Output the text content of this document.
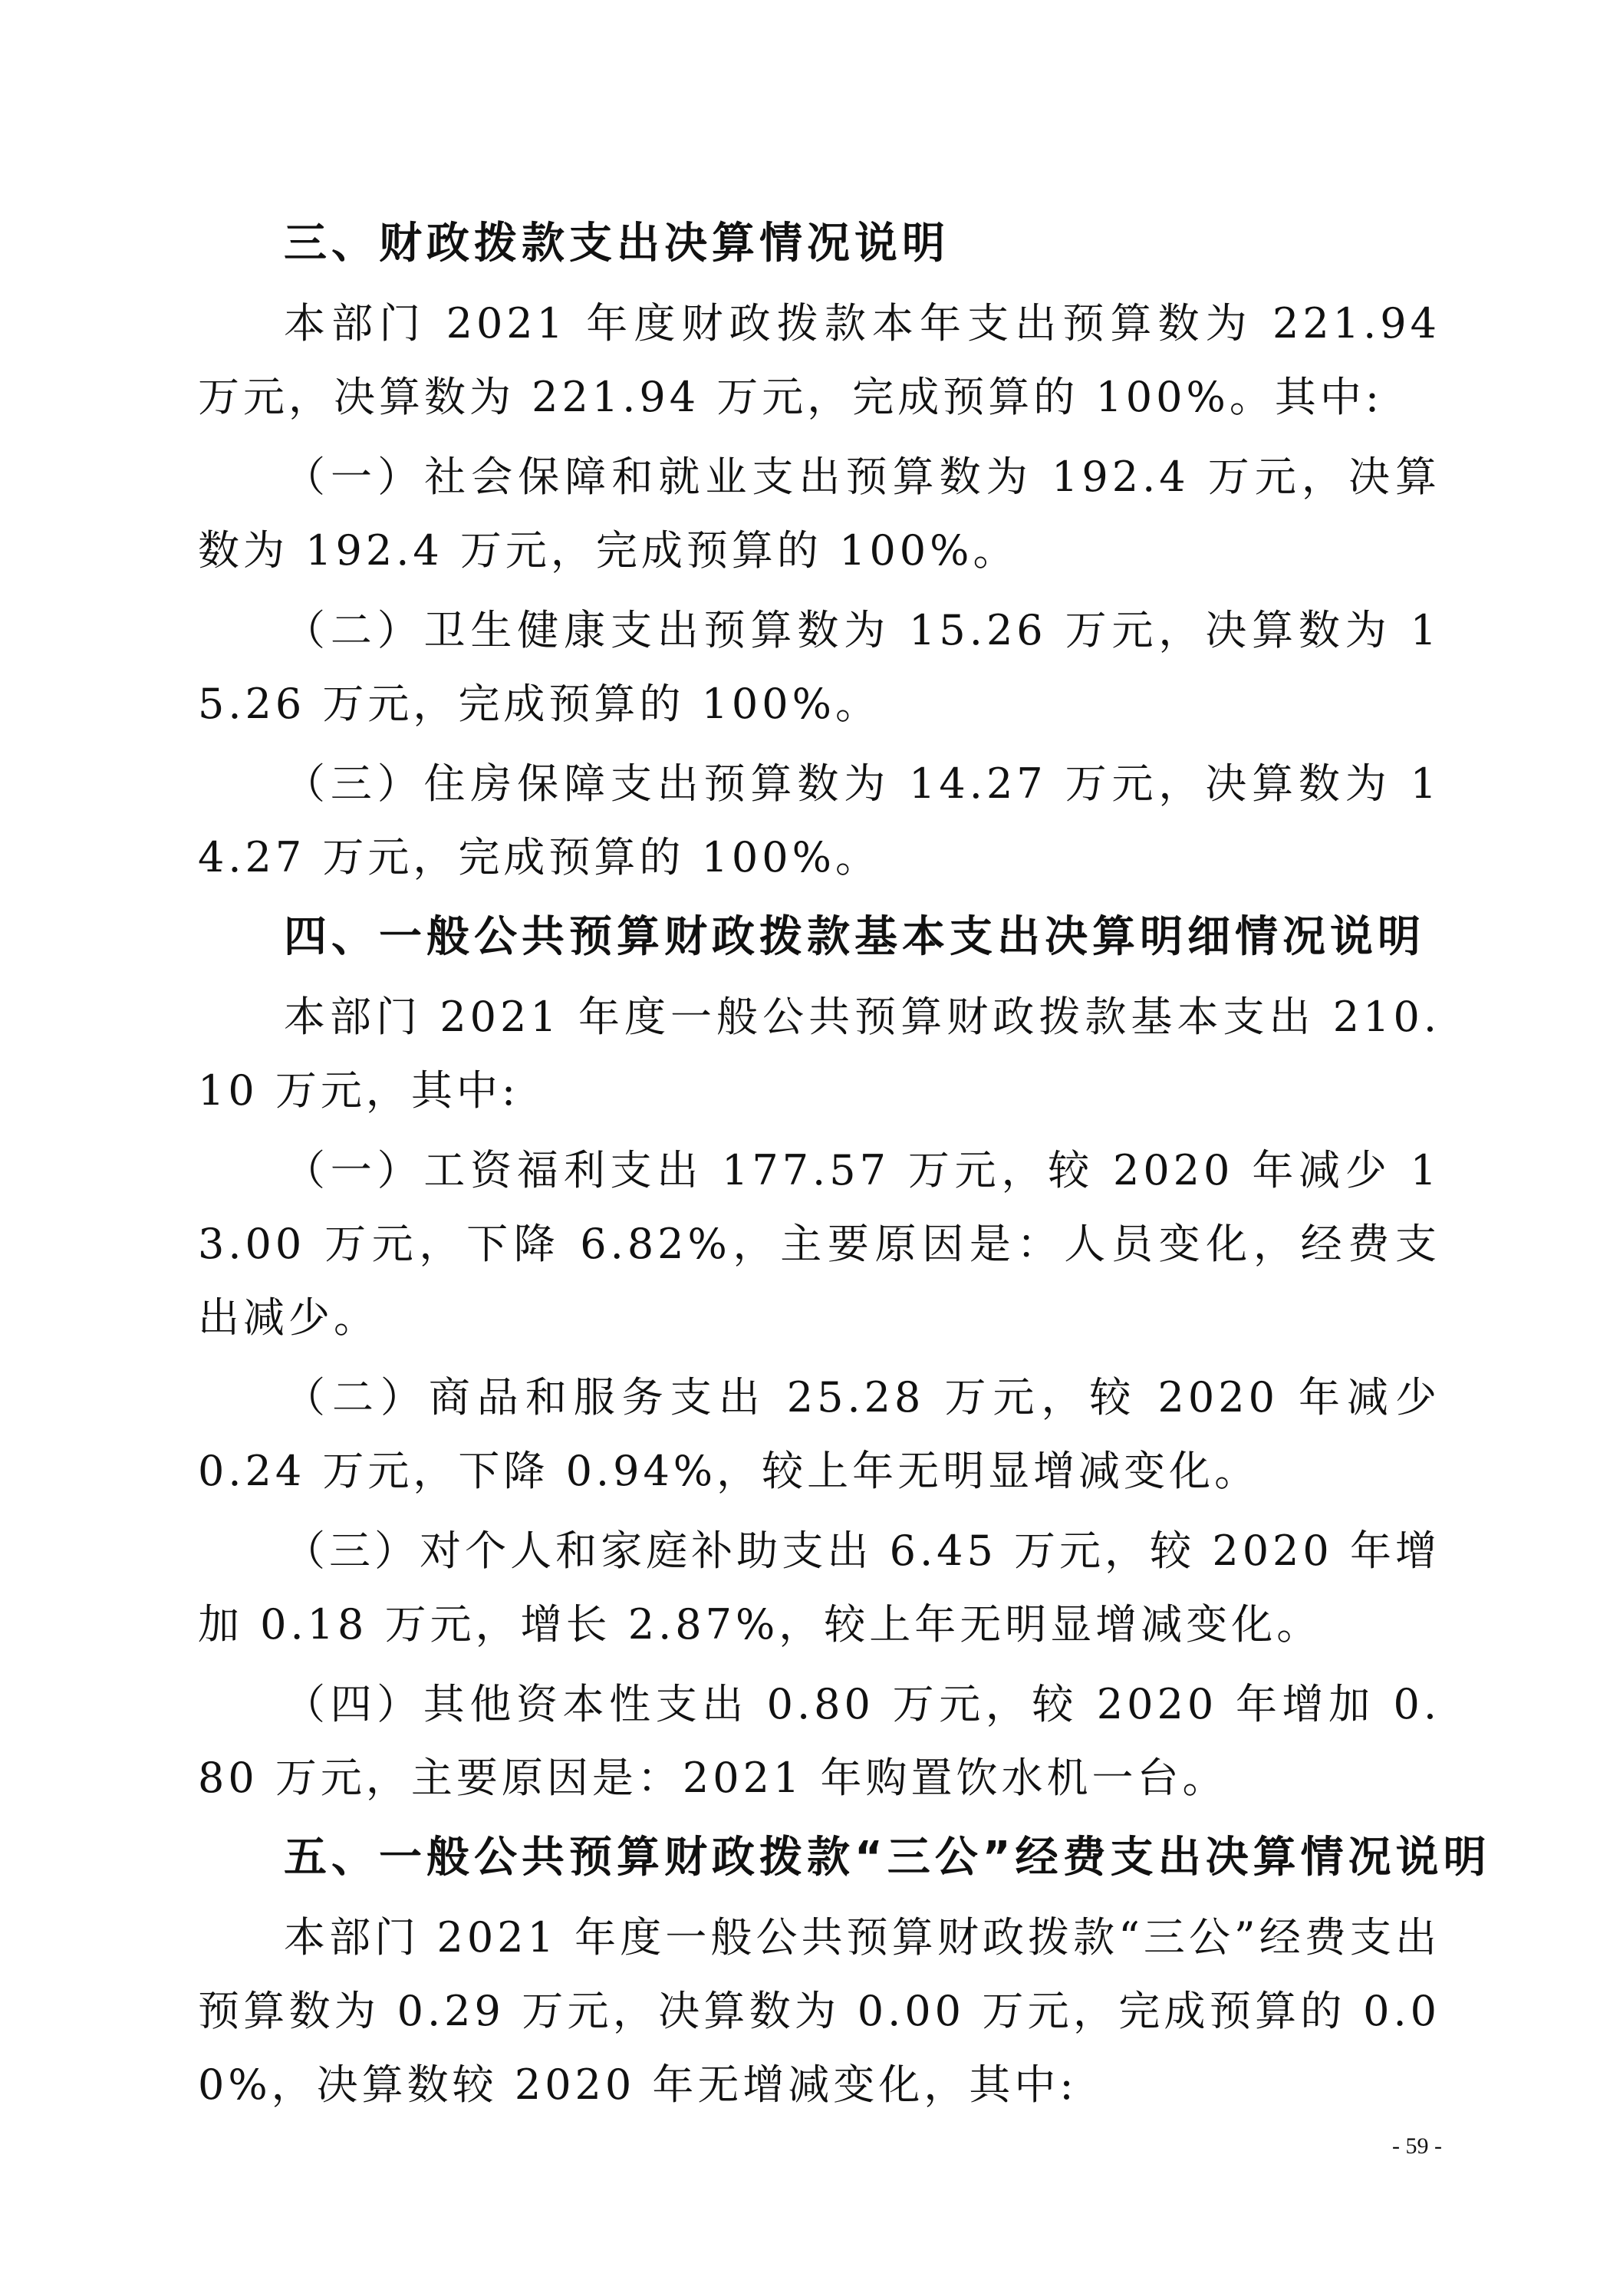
三、财政拨款支出决算情况说明
本部门 2021 年度财政拨款本年支出预算数为 221.94 万元，决算数为 221.94 万元，完成预算的 100%。其中:
（一）社会保障和就业支出预算数为 192.4 万元，决算数为 192.4 万元，完成预算的 100%。
（二）卫生健康支出预算数为 15.26 万元，决算数为 15.26 万元，完成预算的 100%。
（三）住房保障支出预算数为 14.27 万元，决算数为 14.27 万元，完成预算的 100%。
四、一般公共预算财政拨款基本支出决算明细情况说明
本部门 2021 年度一般公共预算财政拨款基本支出 210.10 万元，其中:
（一）工资福利支出 177.57 万元，较 2020 年减少 13.00 万元，下降 6.82%，主要原因是：人员变化，经费支出减少。
（二）商品和服务支出 25.28 万元，较 2020 年减少 0.24 万元，下降 0.94%，较上年无明显增减变化。
（三）对个人和家庭补助支出 6.45 万元，较 2020 年增加 0.18 万元，增长 2.87%，较上年无明显增减变化。
（四）其他资本性支出 0.80 万元，较 2020 年增加 0.80 万元，主要原因是：2021 年购置饮水机一台。
五、一般公共预算财政拨款“三公”经费支出决算情况说明
本部门 2021 年度一般公共预算财政拨款“三公”经费支出预算数为 0.29 万元，决算数为 0.00 万元，完成预算的 0.00%，决算数较 2020 年无增减变化，其中:
- 59 -
